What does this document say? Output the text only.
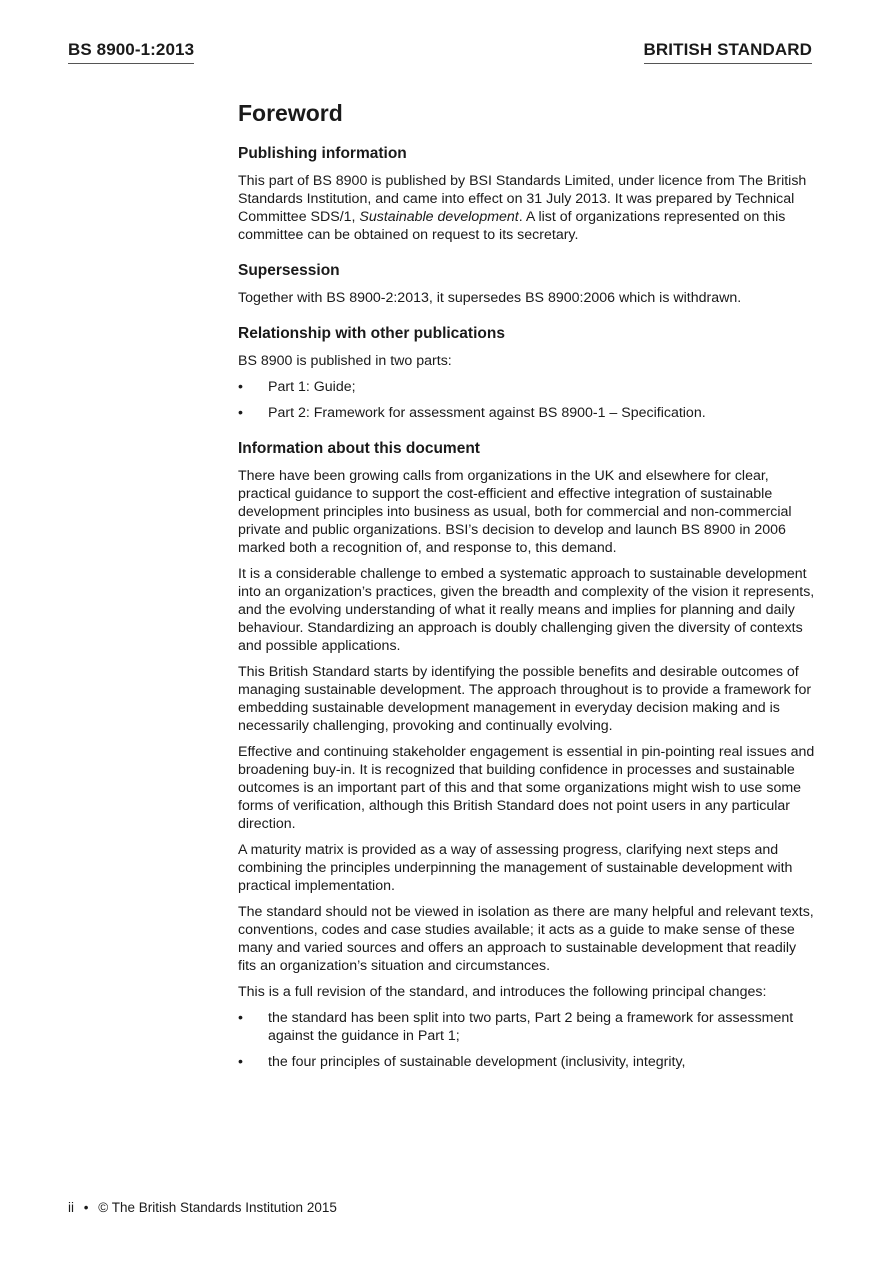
BS 8900-1:2013	BRITISH STANDARD
Foreword
Publishing information

This part of BS 8900 is published by BSI Standards Limited, under licence from The British Standards Institution, and came into effect on 31 July 2013. It was prepared by Technical Committee SDS/1, Sustainable development. A list of organizations represented on this committee can be obtained on request to its secretary.

Supersession

Together with BS 8900-2:2013, it supersedes BS 8900:2006 which is withdrawn.

Relationship with other publications

BS 8900 is published in two parts:

• Part 1: Guide;
• Part 2: Framework for assessment against BS 8900-1 – Specification.
Information about this document

There have been growing calls from organizations in the UK and elsewhere for clear, practical guidance to support the cost-efficient and effective integration of sustainable development principles into business as usual, both for commercial and non-commercial private and public organizations. BSI’s decision to develop and launch BS 8900 in 2006 marked both a recognition of, and response to, this demand.

It is a considerable challenge to embed a systematic approach to sustainable development into an organization’s practices, given the breadth and complexity of the vision it represents, and the evolving understanding of what it really means and implies for planning and daily behaviour. Standardizing an approach is doubly challenging given the diversity of contexts and possible applications.

This British Standard starts by identifying the possible benefits and desirable outcomes of managing sustainable development. The approach throughout is to provide a framework for embedding sustainable development management in everyday decision making and is necessarily challenging, provoking and continually evolving.

Effective and continuing stakeholder engagement is essential in pin-pointing real issues and broadening buy-in. It is recognized that building confidence in processes and sustainable outcomes is an important part of this and that some organizations might wish to use some forms of verification, although this British Standard does not point users in any particular direction.

A maturity matrix is provided as a way of assessing progress, clarifying next steps and combining the principles underpinning the management of sustainable development with practical implementation.

The standard should not be viewed in isolation as there are many helpful and relevant texts, conventions, codes and case studies available; it acts as a guide to make sense of these many and varied sources and offers an approach to sustainable development that readily fits an organization’s situation and circumstances.

This is a full revision of the standard, and introduces the following principal changes:

• the standard has been split into two parts, Part 2 being a framework for assessment against the guidance in Part 1;
• the four principles of sustainable development (inclusivity, integrity,
ii • © The British Standards Institution 2015
